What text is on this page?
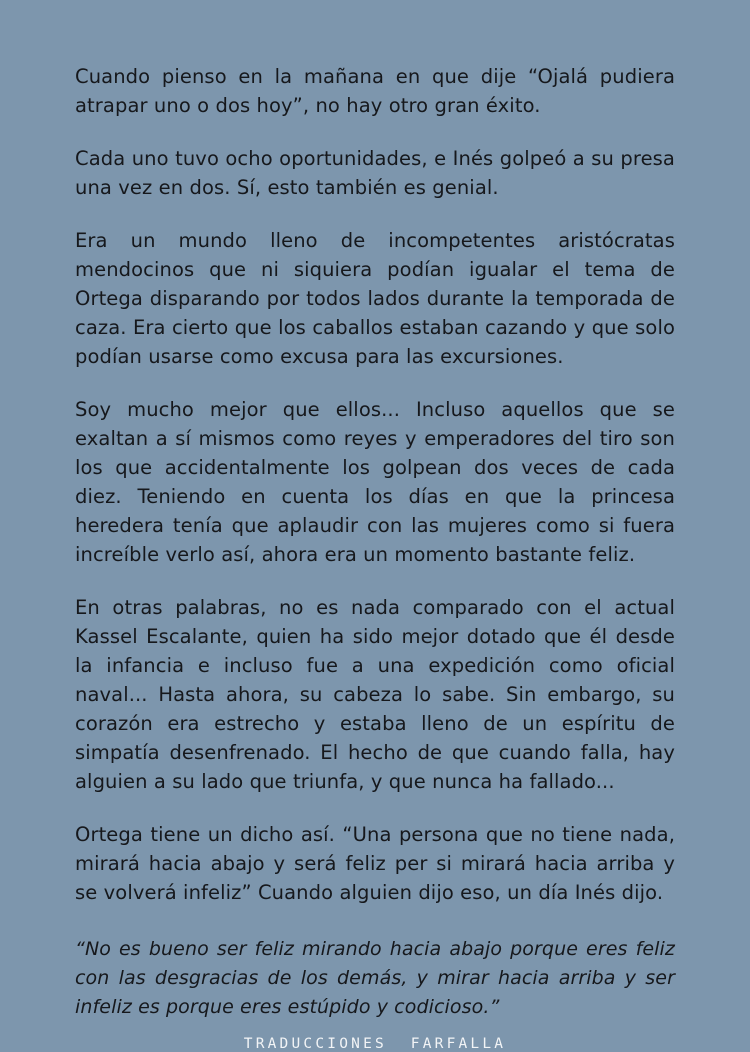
Cuando pienso en la mañana en que dije “Ojalá pudiera atrapar uno o dos hoy”, no hay otro gran éxito.

Cada uno tuvo ocho oportunidades, e Inés golpeó a su presa una vez en dos. Sí, esto también es genial.

Era un mundo lleno de incompetentes aristócratas mendocinos que ni siquiera podían igualar el tema de Ortega disparando por todos lados durante la temporada de caza. Era cierto que los caballos estaban cazando y que solo podían usarse como excusa para las excursiones.

Soy mucho mejor que ellos... Incluso aquellos que se exaltan a sí mismos como reyes y emperadores del tiro son los que accidentalmente los golpean dos veces de cada diez. Teniendo en cuenta los días en que la princesa heredera tenía que aplaudir con las mujeres como si fuera increíble verlo así, ahora era un momento bastante feliz.

En otras palabras, no es nada comparado con el actual Kassel Escalante, quien ha sido mejor dotado que él desde la infancia e incluso fue a una expedición como oficial naval... Hasta ahora, su cabeza lo sabe. Sin embargo, su corazón era estrecho y estaba lleno de un espíritu de simpatía desenfrenado. El hecho de que cuando falla, hay alguien a su lado que triunfa, y que nunca ha fallado...

Ortega tiene un dicho así. “Una persona que no tiene nada, mirará hacia abajo y será feliz per si mirará hacia arriba y se volverá infeliz” Cuando alguien dijo eso, un día Inés dijo.

“No es bueno ser feliz mirando hacia abajo porque eres feliz con las desgracias de los demás, y mirar hacia arriba y ser infeliz es porque eres estúpido y codicioso.”

TRADUCCIONES  FARFALLA
